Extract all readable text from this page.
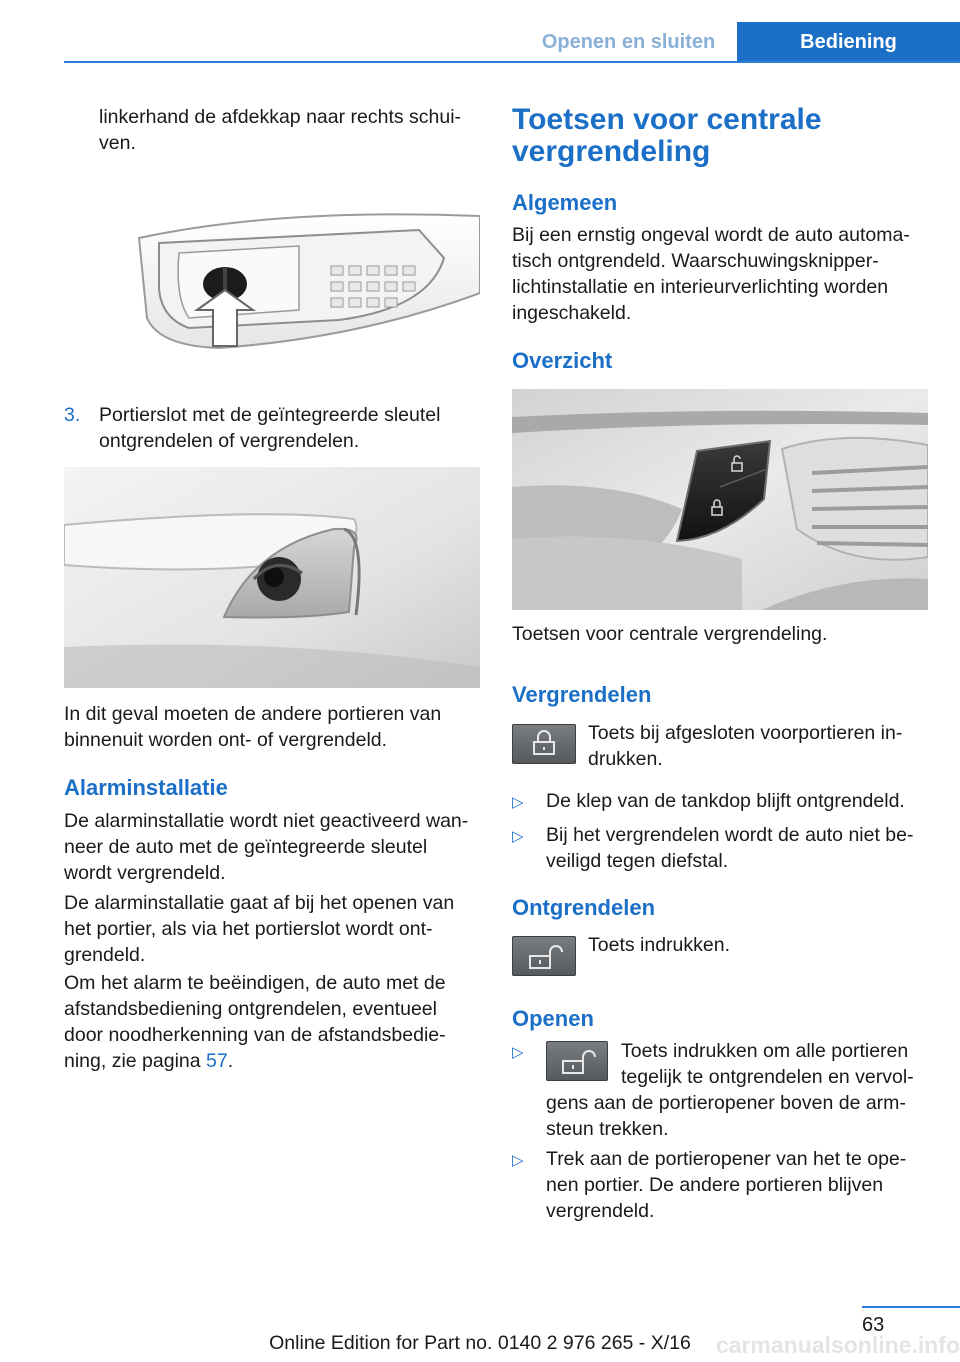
Openen en sluiten	Bediening
linkerhand de afdekkap naar rechts schui-
ven.
3. Portierslot met de geïntegreerde sleutel
ontgrendelen of vergrendelen.
In dit geval moeten de andere portieren van
binnenuit worden ont- of vergrendeld.
Alarminstallatie
De alarminstallatie wordt niet geactiveerd wan-
neer de auto met de geïntegreerde sleutel
wordt vergrendeld.
De alarminstallatie gaat af bij het openen van
het portier, als via het portierslot wordt ont-
grendeld.
Om het alarm te beëindigen, de auto met de
afstandsbediening ontgrendelen, eventueel
door noodherkenning van de afstandsbedie-
ning, zie pagina 57.
Toetsen voor centrale
vergrendeling
Algemeen
Bij een ernstig ongeval wordt de auto automa-
tisch ontgrendeld. Waarschuwingsknipper-
lichtinstallatie en interieurverlichting worden
ingeschakeld.
Overzicht
Toetsen voor centrale vergrendeling.
Vergrendelen
Toets bij afgesloten voorportieren in-
drukken.
▷ De klep van de tankdop blijft ontgrendeld.
▷ Bij het vergrendelen wordt de auto niet be-
veiligd tegen diefstal.
Ontgrendelen
Toets indrukken.
Openen
▷	Toets indrukken om alle portieren
tegelijk te ontgrendelen en vervol-
gens aan de portieropener boven de arm-
steun trekken.
▷ Trek aan de portieropener van het te ope-
nen portier. De andere portieren blijven
vergrendeld.
63
Online Edition for Part no. 0140 2 976 265 - X/16	carmanualsonline.info
